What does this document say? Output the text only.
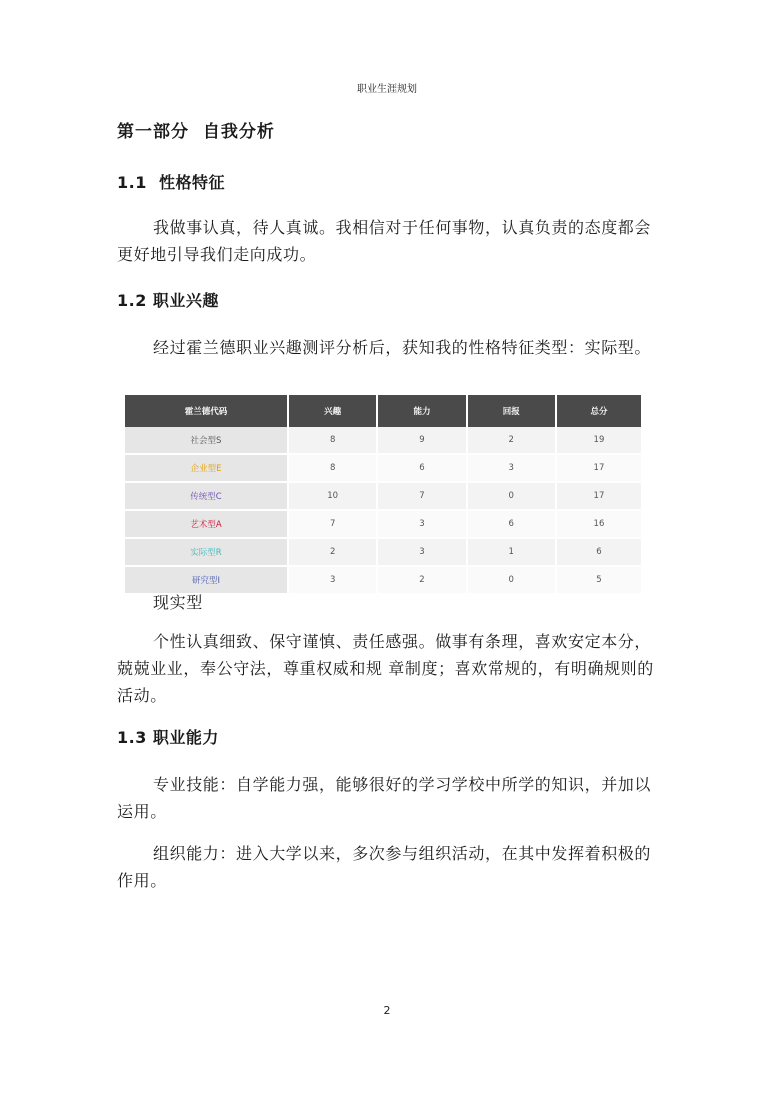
职业生涯规划
第一部分  自我分析
1.1  性格特征

我做事认真，待人真诚。我相信对于任何事物，认真负责的态度都会更好地引导我们走向成功。

1.2 职业兴趣

经过霍兰德职业兴趣测评分析后，获知我的性格特征类型：实际型。

霍兰德代码	兴趣	能力	回报	总分
社会型S	8	9	2	19
企业型E	8	6	3	17
传统型C	10	7	0	17
艺术型A	7	3	6	16
实际型R	2	3	1	6
研究型I	3	2	0	5
现实型

个性认真细致、保守谨慎、责任感强。做事有条理，喜欢安定本分，兢兢业业，奉公守法，尊重权威和规 章制度；喜欢常规的，有明确规则的活动。

1.3 职业能力

专业技能：自学能力强，能够很好的学习学校中所学的知识，并加以运用。

组织能力：进入大学以来，多次参与组织活动，在其中发挥着积极的作用。

2
